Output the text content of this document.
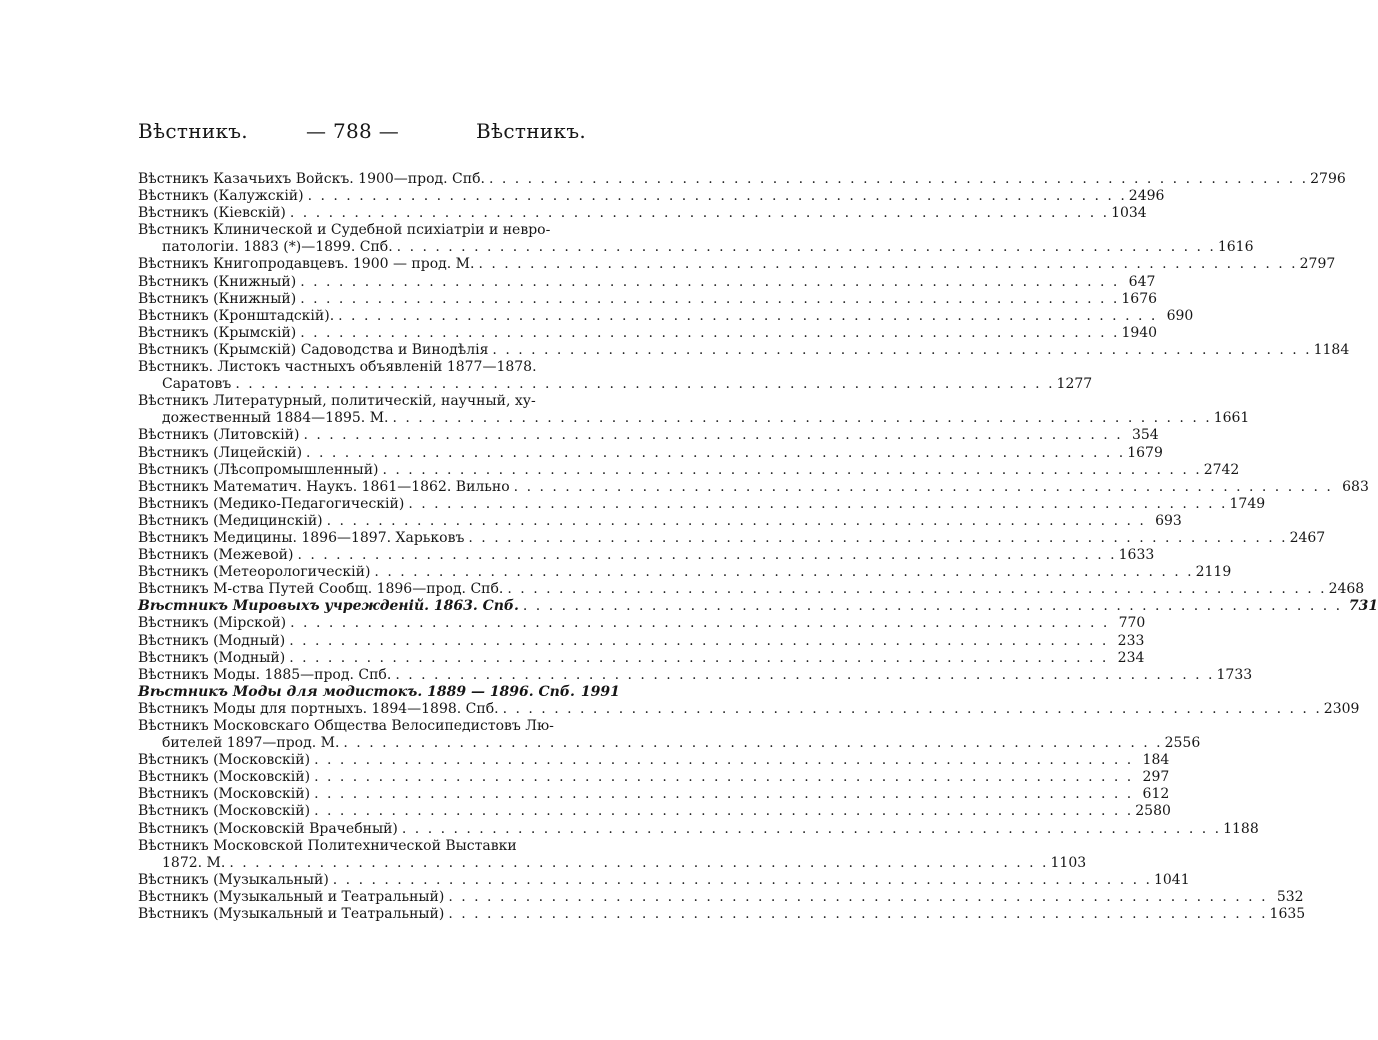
Вѣстникъ.	— 788 —	Вѣстникъ.
Вѣстникъ Казачьихъ Войскъ. 1900—прод. Спб. . . .	2796
Вѣстникъ (Калужскій) . . .	2496
Вѣстникъ (Кіевскій) . . .	1034
Вѣстникъ Клинической и Судебной психіатріи и невро-
патологіи. 1883 (*)—1899. Спб. . . .	1616
Вѣстникъ Книгопродавцевъ. 1900 — прод. М. . . .	2797
Вѣстникъ (Книжный) . . .	647
Вѣстникъ (Книжный) . . .	1676
Вѣстникъ (Кронштадскій). . . .	690
Вѣстникъ (Крымскій) . . .	1940
Вѣстникъ (Крымскій) Садоводства и Винодѣлія . . .	1184
Вѣстникъ. Листокъ частныхъ объявленій 1877—1878.
Саратовъ . . .	1277
Вѣстникъ Литературный, политическій, научный, ху-
дожественный 1884—1895. М. . . .	1661
Вѣстникъ (Литовскій) . . .	354
Вѣстникъ (Лицейскій) . . .	1679
Вѣстникъ (Лѣсопромышленный) . . .	2742
Вѣстникъ Математич. Наукъ. 1861—1862. Вильно . . .	683
Вѣстникъ (Медико-Педагогическій) . . .	1749
Вѣстникъ (Медицинскій) . . .	693
Вѣстникъ Медицины. 1896—1897. Харьковъ . . .	2467
Вѣстникъ (Межевой) . . .	1633
Вѣстникъ (Метеорологическій) . . .	2119
Вѣстникъ М-ства Путей Сообщ. 1896—прод. Спб. . . .	2468
Вѣстникъ Мировыхъ учрежденій. 1863. Спб. . . .	731
Вѣстникъ (Мірской) . . .	770
Вѣстникъ (Модный) . . .	233
Вѣстникъ (Модный) . . .	234
Вѣстникъ Моды. 1885—прод. Спб. . . .	1733
Вѣстникъ Моды для модистокъ. 1889 — 1896. Спб. 1991
Вѣстникъ Моды для портныхъ. 1894—1898. Спб. . . .	2309
Вѣстникъ Московскаго Общества Велосипедистовъ Лю-
бителей 1897—прод. М. . . .	2556
Вѣстникъ (Московскій) . . .	184
Вѣстникъ (Московскій) . . .	297
Вѣстникъ (Московскій) . . .	612
Вѣстникъ (Московскій) . . .	2580
Вѣстникъ (Московскій Врачебный) . . .	1188
Вѣстникъ Московской Политехнической Выставки
1872. М. . . .	1103
Вѣстникъ (Музыкальный) . . .	1041
Вѣстникъ (Музыкальный и Театральный) . . .	532
Вѣстникъ (Музыкальный и Театральный) . . .	1635
